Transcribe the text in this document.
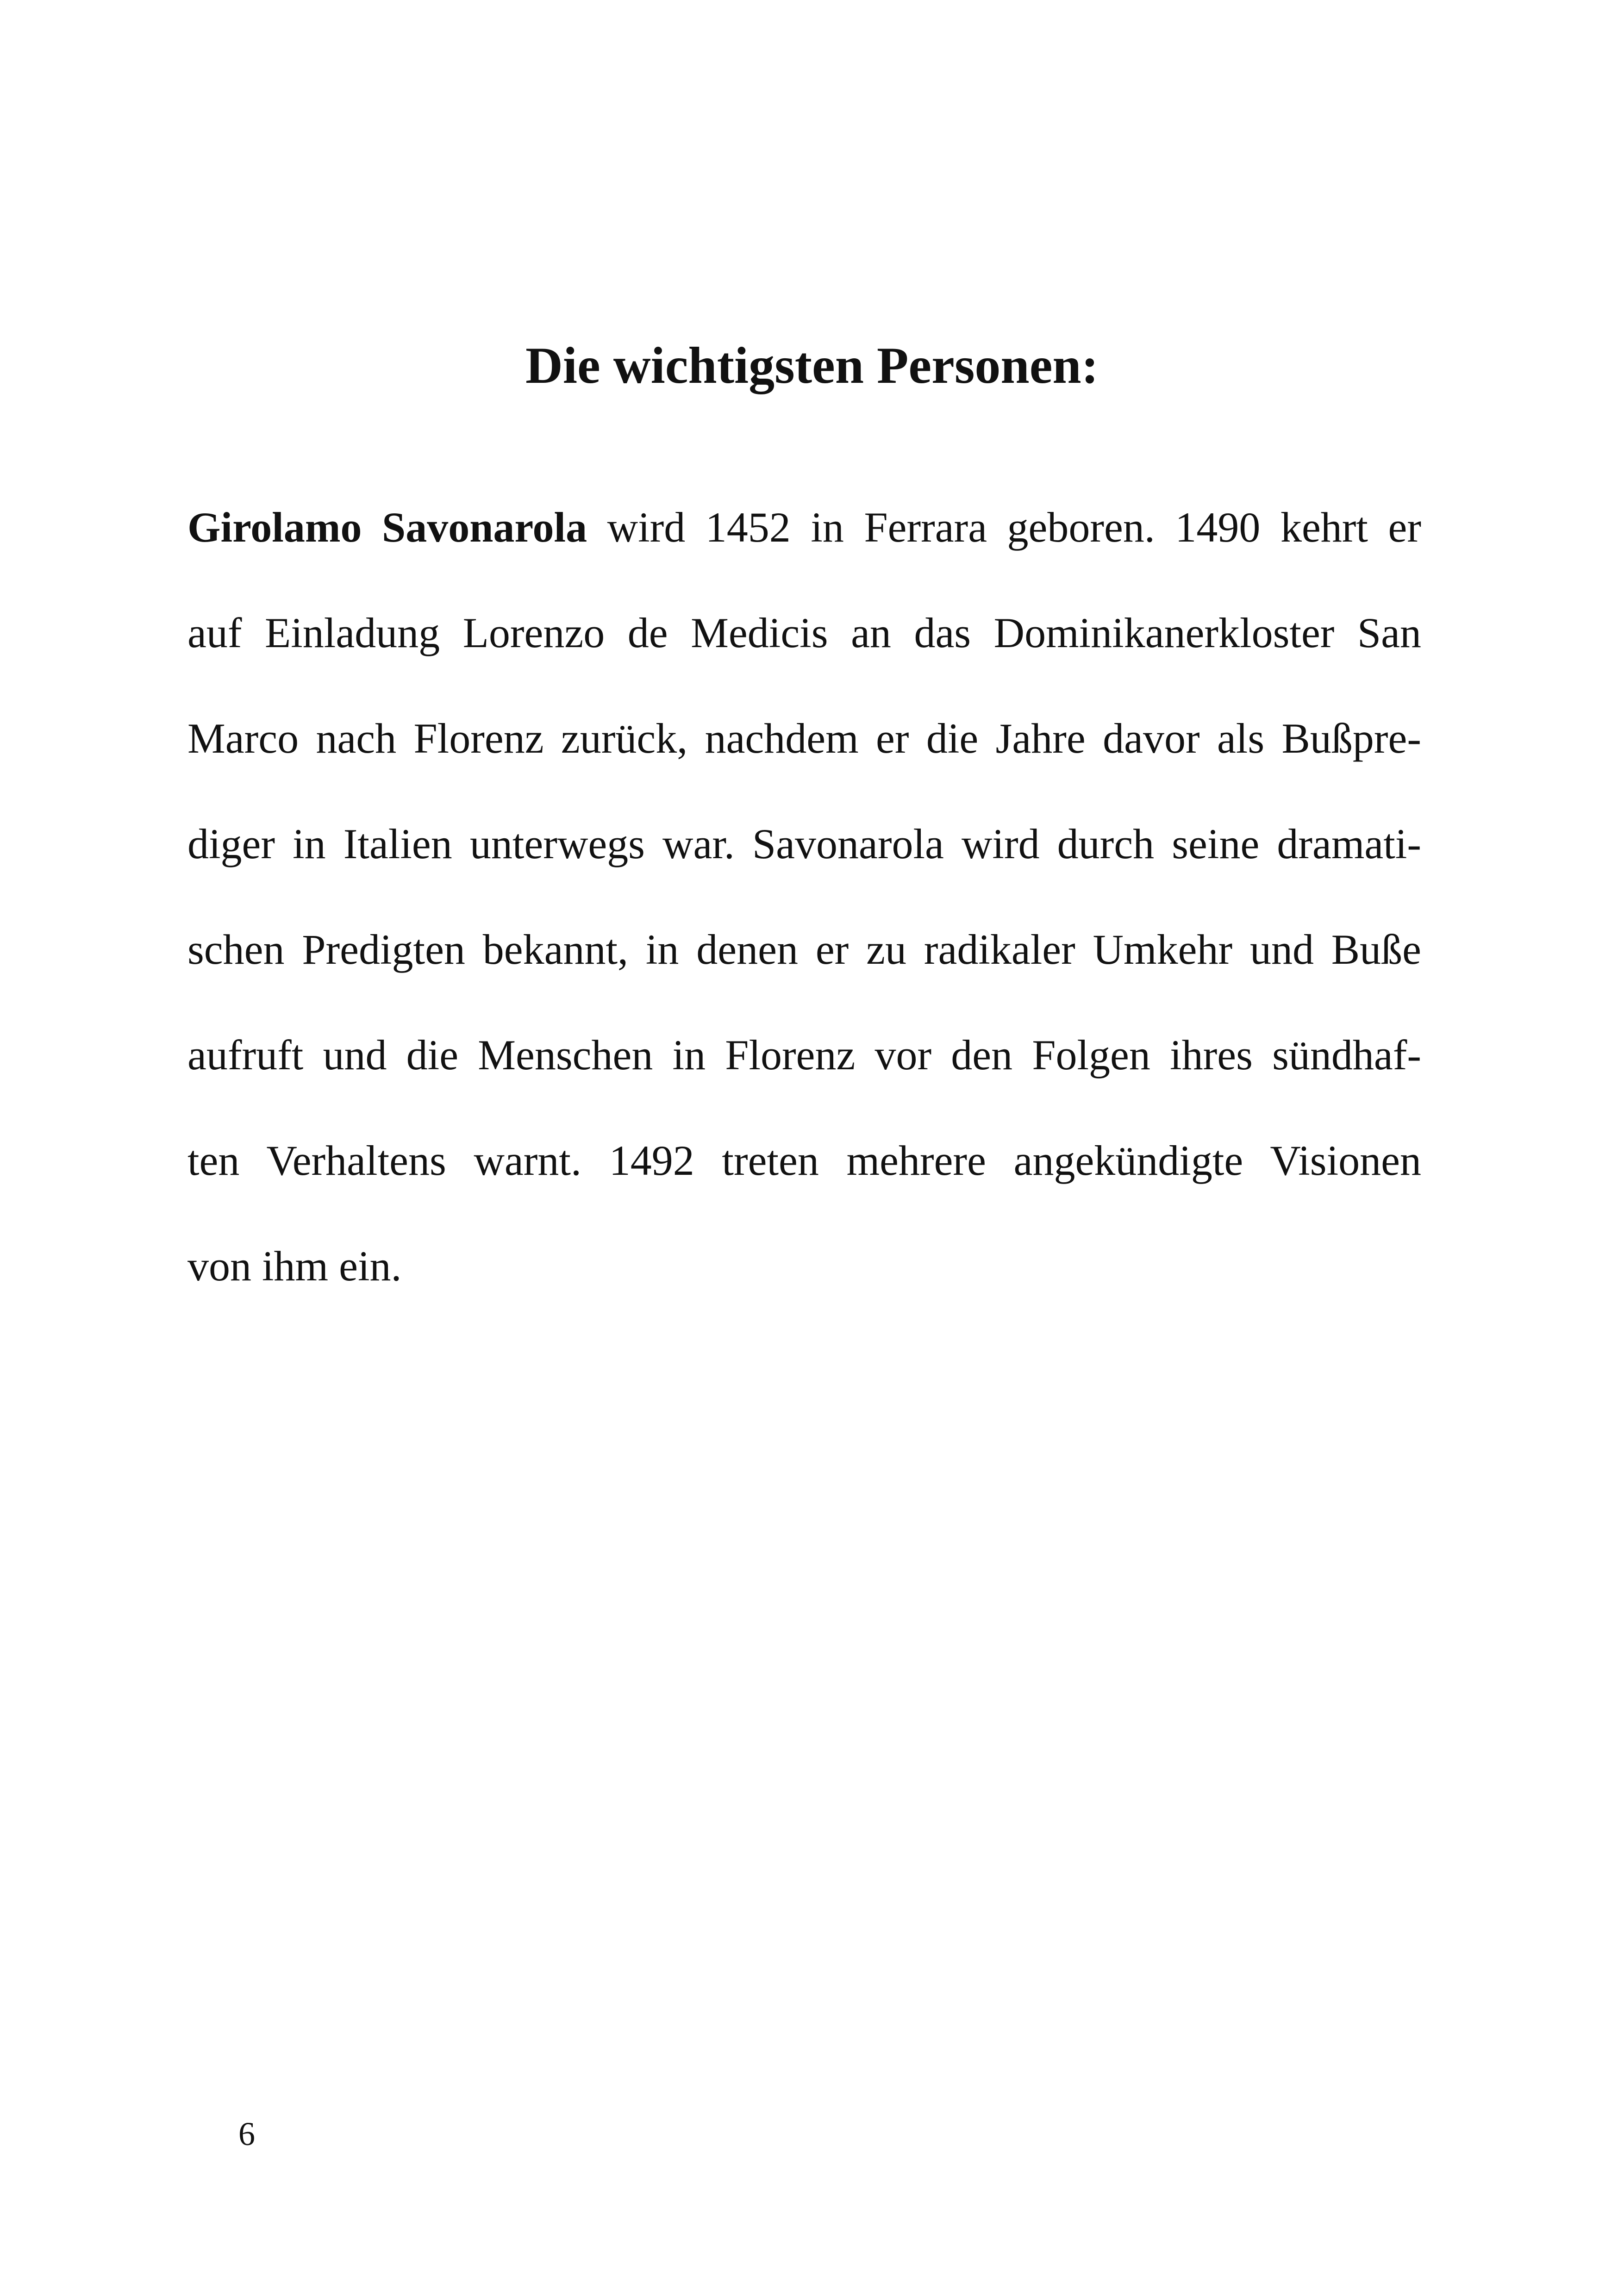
Die wichtigsten Personen:
Girolamo Savonarola wird 1452 in Ferrara geboren. 1490 kehrt er
auf Einladung Lorenzo de Medicis an das Dominikanerkloster San
Marco nach Florenz zurück, nachdem er die Jahre davor als Bußpre-
diger in Italien unterwegs war. Savonarola wird durch seine dramati-
schen Predigten bekannt, in denen er zu radikaler Umkehr und Buße
aufruft und die Menschen in Florenz vor den Folgen ihres sündhaf-
ten Verhaltens warnt. 1492 treten mehrere angekündigte Visionen
von ihm ein.
6
